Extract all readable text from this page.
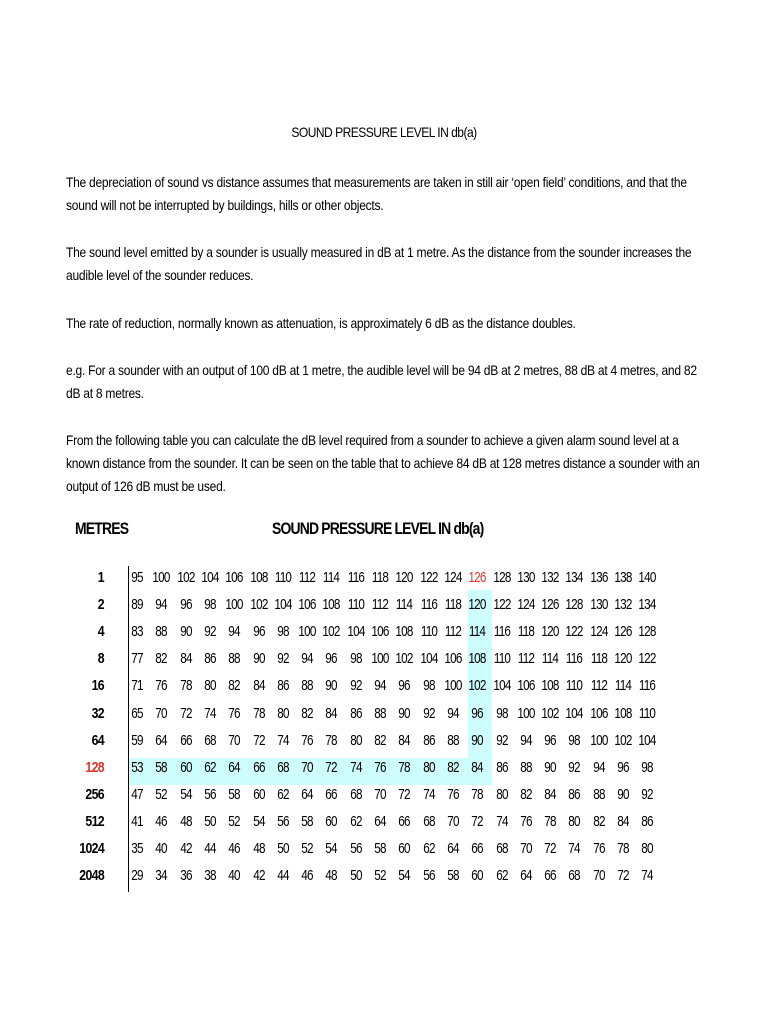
SOUND PRESSURE LEVEL IN db(a)
The depreciation of sound vs distance assumes that measurements are taken in still air ‘open field’ conditions, and that the sound will not be interrupted by buildings, hills or other objects.
The sound level emitted by a sounder is usually measured in dB at 1 metre. As the distance from the sounder increases the audible level of the sounder reduces.
The rate of reduction, normally known as attenuation, is approximately 6 dB as the distance doubles.
e.g. For a sounder with an output of 100 dB at 1 metre, the audible level will be 94 dB at 2 metres, 88 dB at 4 metres, and 82 dB at 8 metres.
From the following table you can calculate the dB level required from a sounder to achieve a given alarm sound level at a known distance from the sounder. It can be seen on the table that to achieve 84 dB at 128 metres distance a sounder with an output of 126 dB must be used.
METRES	SOUND PRESSURE LEVEL IN db(a)
1 95 100 102 104 106 108 110 112 114 116 118 120 122 124 126 128 130 132 134 136 138 140
2 89 94 96 98 100 102 104 106 108 110 112 114 116 118 120 122 124 126 128 130 132 134
4 83 88 90 92 94 96 98 100 102 104 106 108 110 112 114 116 118 120 122 124 126 128
8 77 82 84 86 88 90 92 94 96 98 100 102 104 106 108 110 112 114 116 118 120 122
16 71 76 78 80 82 84 86 88 90 92 94 96 98 100 102 104 106 108 110 112 114 116
32 65 70 72 74 76 78 80 82 84 86 88 90 92 94 96 98 100 102 104 106 108 110
64 59 64 66 68 70 72 74 76 78 80 82 84 86 88 90 92 94 96 98 100 102 104
128 53 58 60 62 64 66 68 70 72 74 76 78 80 82 84 86 88 90 92 94 96 98
256 47 52 54 56 58 60 62 64 66 68 70 72 74 76 78 80 82 84 86 88 90 92
512 41 46 48 50 52 54 56 58 60 62 64 66 68 70 72 74 76 78 80 82 84 86
1024 35 40 42 44 46 48 50 52 54 56 58 60 62 64 66 68 70 72 74 76 78 80
2048 29 34 36 38 40 42 44 46 48 50 52 54 56 58 60 62 64 66 68 70 72 74
